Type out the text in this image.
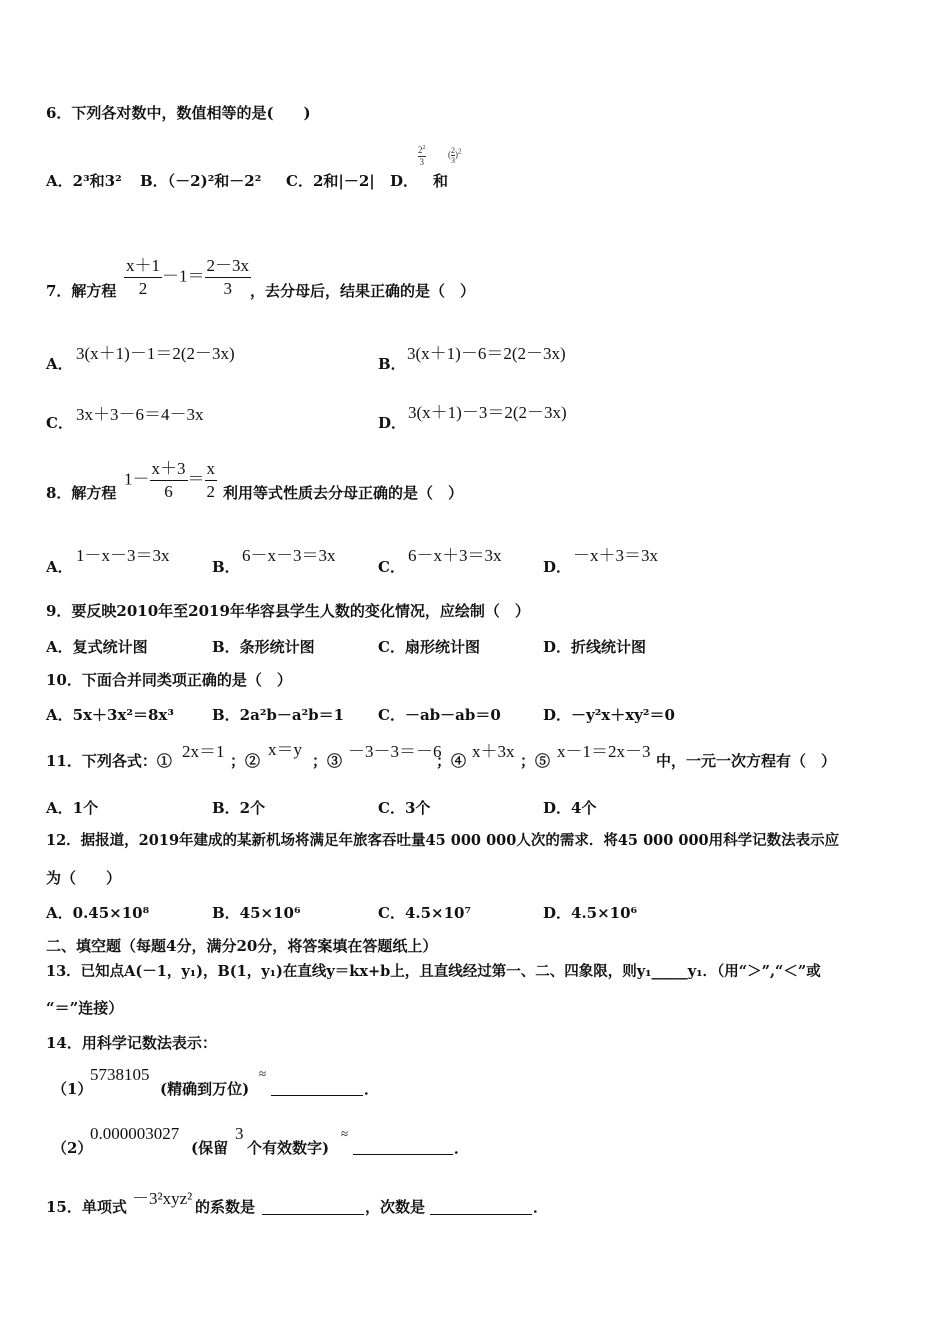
6．下列各对数中，数值相等的是(　　)
A．2³和3² B．（－2)²和－2² C．2和|－2| D．
$2^2$
3
和
( $\frac{2}{3} )^2$
7．解方程 $\frac{x+1}{2} -1= \frac{2-3x}{3}$ ，去分母后，结果正确的是（　）
A．
3(x＋1)－1＝2(2－3x)
B．
3(x＋1)－6＝2(2－3x)
C． 3x＋3－6＝4－3x	D．
3(x＋1)－3＝2(2－3x)
8．解方程
$1- \frac{x+3}{6} = \frac{x}{2}$ 利用等式性质去分母正确的是（　）
A．
1－x－3＝3x
B．
6－x－3＝3x
C．
6－x＋3＝3x
D．
－x＋3＝3x
9．要反映2010年至2019年华容县学生人数的变化情况，应绘制（　）
A．复式统计图	B．条形统计图	C．扇形统计图	D．折线统计图
10．下面合并同类项正确的是（　）
A．5x＋3x²＝8x³	B．2a²b－a²b＝1 C．－ab－ab＝0	D．－y²x＋xy²＝0
11．下列各式：① 2x＝1 ；②
x＝y
；③ －3－3＝－6
；④ x＋3x ；⑤ x－1＝2x－3 中，一元一次方程有（　）
A．1个	B．2个	C．3个	D．4个
12．据报道，2019年建成的某新机场将满足年旅客吞吐量45 000 000人次的需求．将45 000 000用科学记数法表示应
为（　　）
A．0.45×10⁸	B．45×10⁶	C．4.5×10⁷	D．4.5×10⁶
二、填空题（每题4分，满分20分，将答案填在答题纸上）
13．已知点A(－1，y₁)，B(1，y₁)在直线y＝kx+b上，且直线经过第一、二、四象限，则y₁_____y₁．（用“＞”,“＜”或
“＝”连接）
14．用科学记数法表示：
（1）
5738105
(精确到万位)
≈
．
（2）
0.000003027
(保留
3
个有效数字)
≈
．
15．单项式 －3²xyz² 的系数是	，次数是	．
